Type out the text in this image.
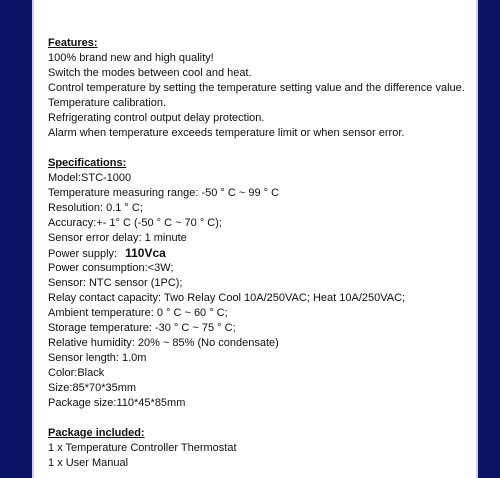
Features:
100% brand new and high quality!
Switch the modes between cool and heat.
Control temperature by setting the temperature setting value and the difference value.
Temperature calibration.
Refrigerating control output delay protection.
Alarm when temperature exceeds temperature limit or when sensor error.
Specifications:
Model:STC-1000
Temperature measuring range: -50 ° C ~ 99 ° C
Resolution: 0.1 ° C;
Accuracy:+- 1° C (-50 ° C ~ 70 ° C);
Sensor error delay: 1 minute
Power supply: 110Vca
Power consumption:<3W;
Sensor: NTC sensor (1PC);
Relay contact capacity: Two Relay Cool 10A/250VAC; Heat 10A/250VAC;
Ambient temperature: 0 ° C ~ 60 ° C;
Storage temperature: -30 ° C ~ 75 ° C;
Relative humidity: 20% ~ 85% (No condensate)
Sensor length: 1.0m
Color:Black
Size:85*70*35mm
Package size:110*45*85mm
Package included:
1 x Temperature Controller Thermostat
1 x User Manual
